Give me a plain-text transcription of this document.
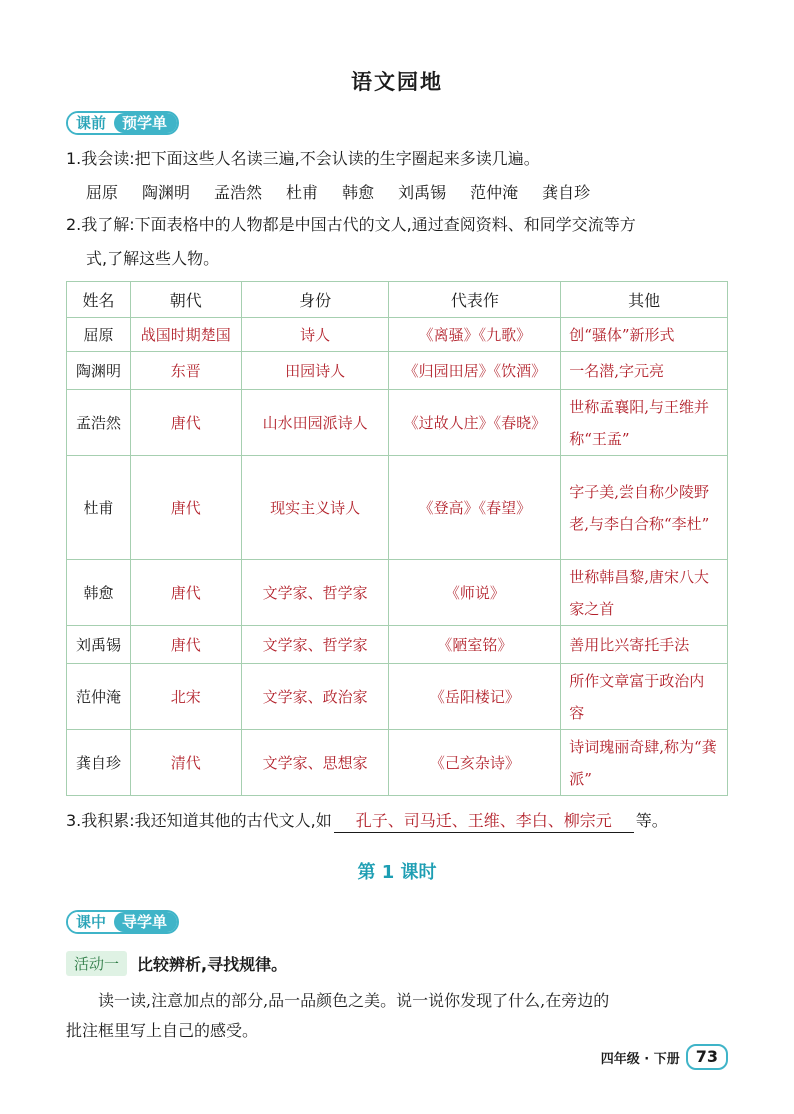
语文园地
课前	预学单
1.我会读:把下面这些人名读三遍,不会认读的生字圈起来多读几遍。
屈原 陶渊明 孟浩然 杜甫 韩愈 刘禹锡 范仲淹 龚自珍
2.我了解:下面表格中的人物都是中国古代的文人,通过查阅资料、和同学交流等方
式,了解这些人物。
姓名	朝代	身份	代表作	其他
屈原	战国时期楚国	诗人	《离骚》《九歌》	创“骚体”新形式
陶渊明	东晋	田园诗人	《归园田居》《饮酒》	一名潜,字元亮
孟浩然	唐代	山水田园派诗人	《过故人庄》《春晓》	世称孟襄阳,与王维并称“王孟”
杜甫	唐代	现实主义诗人	《登高》《春望》	字子美,尝自称少陵野老,与李白合称“李杜”
韩愈	唐代	文学家、哲学家	《师说》	世称韩昌黎,唐宋八大家之首
刘禹锡	唐代	文学家、哲学家	《陋室铭》	善用比兴寄托手法
范仲淹	北宋	文学家、政治家	《岳阳楼记》	所作文章富于政治内容
龚自珍	清代	文学家、思想家	《己亥杂诗》	诗词瑰丽奇肆,称为“龚派”
3.我积累:我还知道其他的古代文人,如 孔子、司马迁、王维、李白、柳宗元 等。
第 1 课时
课中	导学单
活动一	比较辨析,寻找规律。
读一读,注意加点的部分,品一品颜色之美。说一说你发现了什么,在旁边的
批注框里写上自己的感受。
四年级 · 下册	73
